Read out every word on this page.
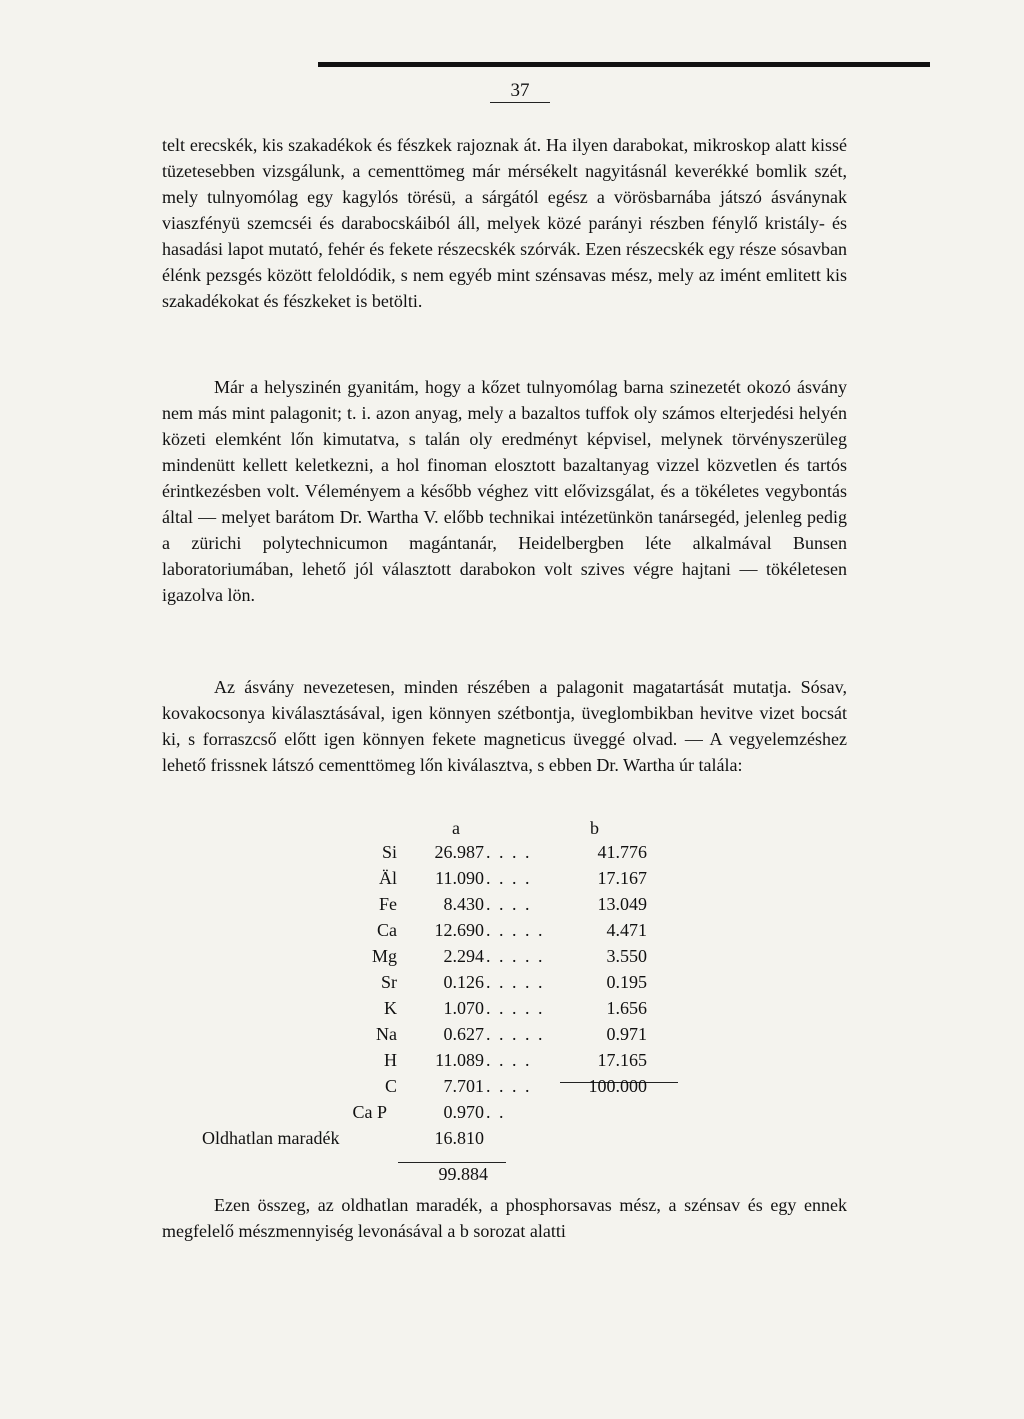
37

telt erecskék, kis szakadékok és fészkek rajoznak át. Ha ilyen darabokat, mikroskop alatt kissé tüzetesebben vizsgálunk, a cementtömeg már mérsékelt nagyitásnál keverékké bomlik szét, mely tulnyomólag egy kagylós törésü, a sárgától egész a vörösbarnába játszó ásványnak viaszfényü szemcséi és darabocskáiból áll, melyek közé parányi részben fénylő kristály- és hasadási lapot mutató, fehér és fekete részecskék szórvák. Ezen részecskék egy része sósavban élénk pezsgés között feloldódik, s nem egyéb mint szénsavas mész, mely az imént emlitett kis szakadékokat és fészkeket is betölti.

Már a helyszinén gyanitám, hogy a kőzet tulnyomólag barna szinezetét okozó ásvány nem más mint palagonit; t. i. azon anyag, mely a bazaltos tuffok oly számos elterjedési helyén közeti elemként lőn kimutatva, s talán oly eredményt képvisel, melynek törvényszerüleg mindenütt kellett keletkezni, a hol finoman elosztott bazaltanyag vizzel közvetlen és tartós érintkezésben volt. Véleményem a később véghez vitt elővizsgálat, és a tökéletes vegybontás által — melyet barátom Dr. Wartha V. előbb technikai intézetünkön tanársegéd, jelenleg pedig a zürichi polytechnicumon magántanár, Heidelbergben léte alkalmával Bunsen laboratoriumában, lehető jól választott darabokon volt szives végre hajtani — tökéletesen igazolva lön.

Az ásvány nevezetesen, minden részében a palagonit magatartását mutatja. Sósav, kovakocsonya kiválasztásával, igen könnyen szétbontja, üveglombikban hevitve vizet bocsát ki, s forraszcső előtt igen könnyen fekete magneticus üveggé olvad. — A vegyelemzéshez lehető frissnek látszó cementtömeg lőn kiválasztva, s ebben Dr. Wartha úr talála:

a	b
Si	26.987 . . . .	41.776
Äl	11.090 . . . .	17.167
Fe	8.430 . . . .	13.049
Ca	12.690 . . . . .	4.471
Mg	2.294 . . . . .	3.550
Sr	0.126 . . . . .	0.195
K	1.070 . . . . .	1.656
Na	0.627 . . . . .	0.971
H	11.089 . . . .	17.165
C	7.701 . . . .	100.000
Ca P	0.970 . .
Oldhatlan maradék	16.810
99.884

Ezen összeg, az oldhatlan maradék, a phosphorsavas mész, a szénsav és egy ennek megfelelő mészmennyiség levonásával a b sorozat alatti
